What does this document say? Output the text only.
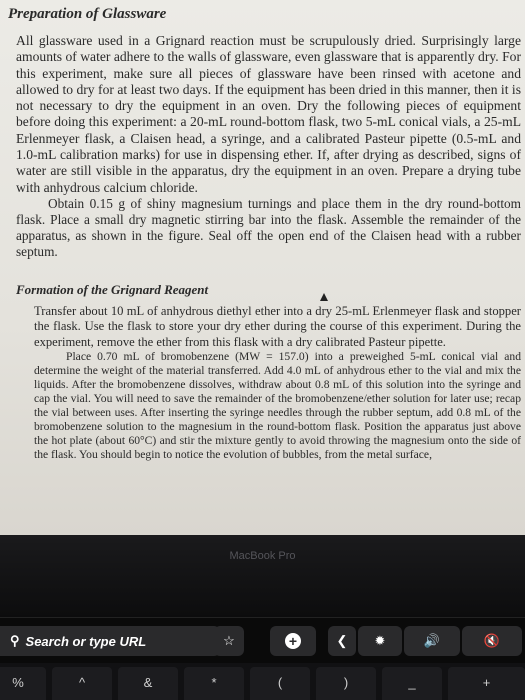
Preparation of Glassware

All glassware used in a Grignard reaction must be scrupulously dried. Surprisingly large amounts of water adhere to the walls of glassware, even glassware that is apparently dry. For this experiment, make sure all pieces of glassware have been rinsed with acetone and allowed to dry for at least two days. If the equipment has been dried in this manner, then it is not necessary to dry the equipment in an oven. Dry the following pieces of equipment before doing this experiment: a 20-mL round-bottom flask, two 5-mL conical vials, a 25-mL Erlenmeyer flask, a Claisen head, a syringe, and a calibrated Pasteur pipette (0.5-mL and 1.0-mL calibration marks) for use in dispensing ether. If, after drying as described, signs of water are still visible in the apparatus, dry the equipment in an oven. Prepare a drying tube with anhydrous calcium chloride.

Obtain 0.15 g of shiny magnesium turnings and place them in the dry round-bottom flask. Place a small dry magnetic stirring bar into the flask. Assemble the remainder of the apparatus, as shown in the figure. Seal off the open end of the Claisen head with a rubber septum.

Formation of the Grignard Reagent

Transfer about 10 mL of anhydrous diethyl ether into a dry 25-mL Erlenmeyer flask and stopper the flask. Use the flask to store your dry ether during the course of this experiment. During the experiment, remove the ether from this flask with a dry calibrated Pasteur pipette.

Place 0.70 mL of bromobenzene (MW = 157.0) into a preweighed 5-mL conical vial and determine the weight of the material transferred. Add 4.0 mL of anhydrous ether to the vial and mix the liquids. After the bromobenzene dissolves, withdraw about 0.8 mL of this solution into the syringe and cap the vial. You will need to save the remainder of the bromobenzene/ether solution for later use; recap the vial between uses. After inserting the syringe needles through the rubber septum, add 0.8 mL of the bromobenzene solution to the magnesium in the round-bottom flask. Position the apparatus just above the hot plate (about 60°C) and stir the mixture gently to avoid throwing the magnesium onto the side of the flask. You should begin to notice the evolution of bubbles, from the metal surface,

MacBook Pro
⚲ Search or type URL	☆	+	❮ ✹	🔊	🔇
%	^	&	*	(	)	_	+
